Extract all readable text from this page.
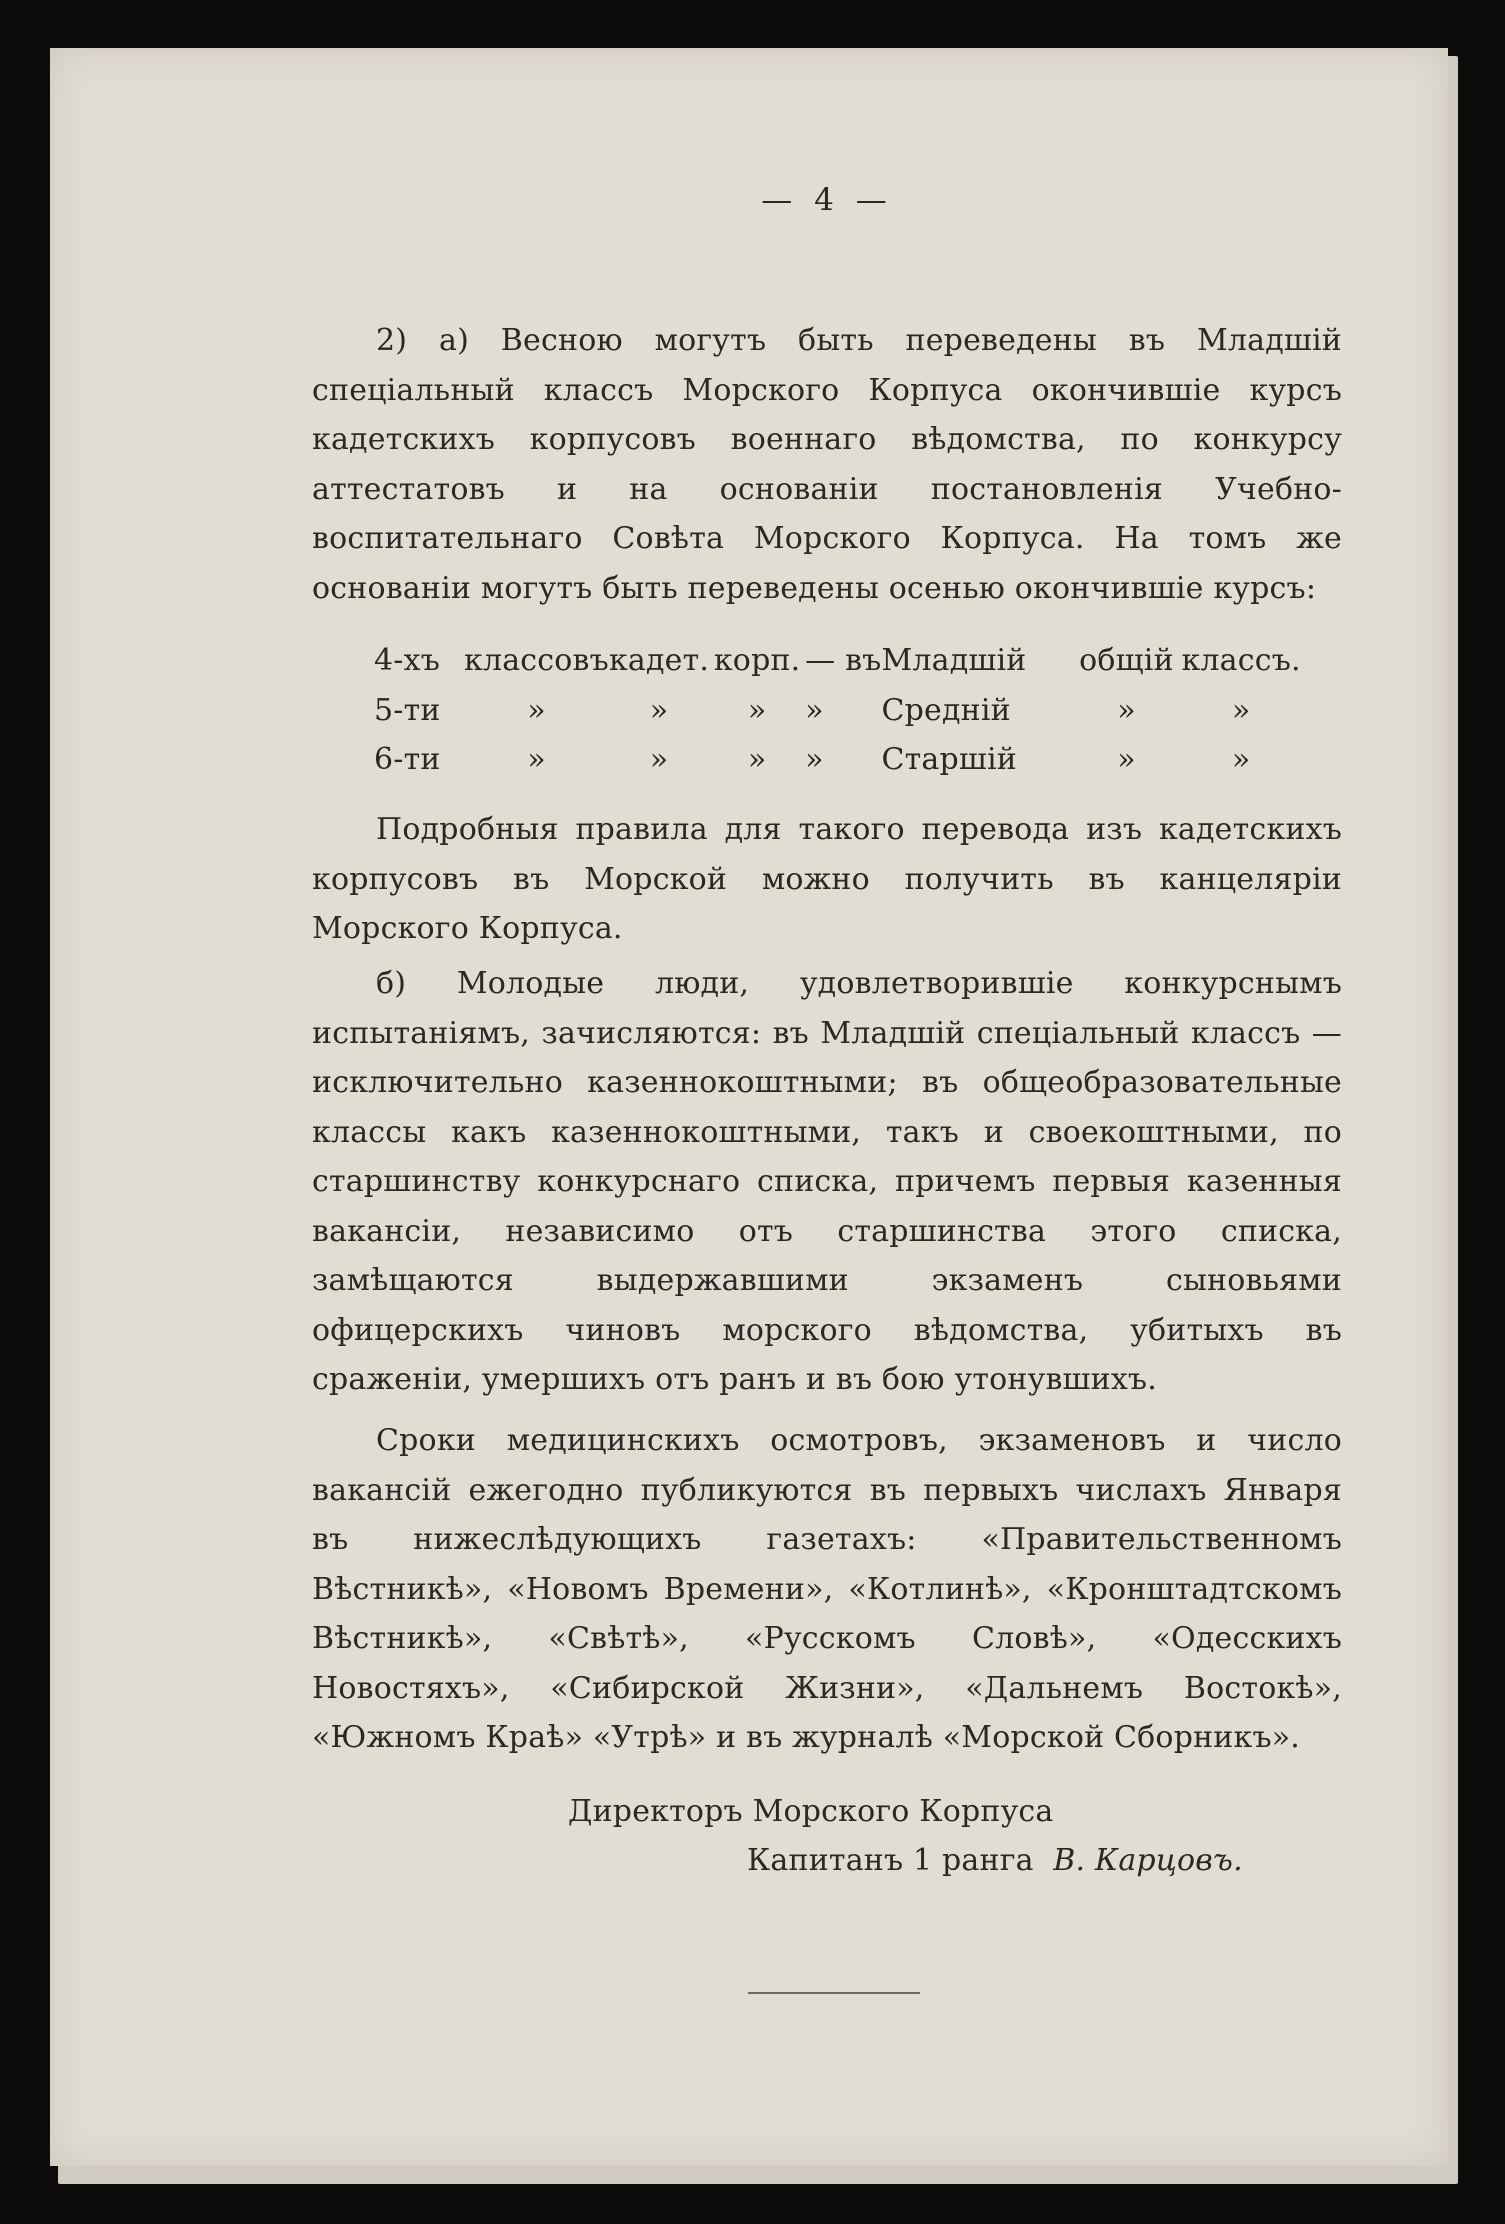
— 4 —

2) а) Весною могутъ быть переведены въ Младшій спеціальный классъ Морского Корпуса окончившіе курсъ кадетскихъ корпусовъ военнаго вѣдомства, по конкурсу аттестатовъ и на основаніи постановленія Учебно-воспитательнаго Совѣта Морского Корпуса. На томъ же основаніи могутъ быть переведены осенью окончившіе курсъ:

4-хъ	классовъ	кадет.	корп.	— въ	Младшій	общій	классъ.
5-ти	»	»	»	»	Средній	»	»
6-ти	»	»	»	»	Старшій	»	»

Подробныя правила для такого перевода изъ кадетскихъ корпусовъ въ Морской можно получить въ канцеляріи Морского Корпуса.

б) Молодые люди, удовлетворившіе конкурснымъ испытаніямъ, зачисляются: въ Младшій спеціальный классъ — исключительно казеннокоштными; въ общеобразовательные классы какъ казеннокоштными, такъ и своекоштными, по старшинству конкурснаго списка, причемъ первыя казенныя вакансіи, независимо отъ старшинства этого списка, замѣщаются выдержавшими экзаменъ сыновьями офицерскихъ чиновъ морского вѣдомства, убитыхъ въ сраженіи, умершихъ отъ ранъ и въ бою утонувшихъ.

Сроки медицинскихъ осмотровъ, экзаменовъ и число вакансій ежегодно публикуются въ первыхъ числахъ Января въ нижеслѣдующихъ газетахъ: «Правительственномъ Вѣстникѣ», «Новомъ Времени», «Котлинѣ», «Кронштадтскомъ Вѣстникѣ», «Свѣтѣ», «Русскомъ Словѣ», «Одесскихъ Новостяхъ», «Сибирской Жизни», «Дальнемъ Востокѣ», «Южномъ Краѣ» «Утрѣ» и въ журналѣ «Морской Сборникъ».

Директоръ Морского Корпуса
Капитанъ 1 ранга В. Карцовъ.
